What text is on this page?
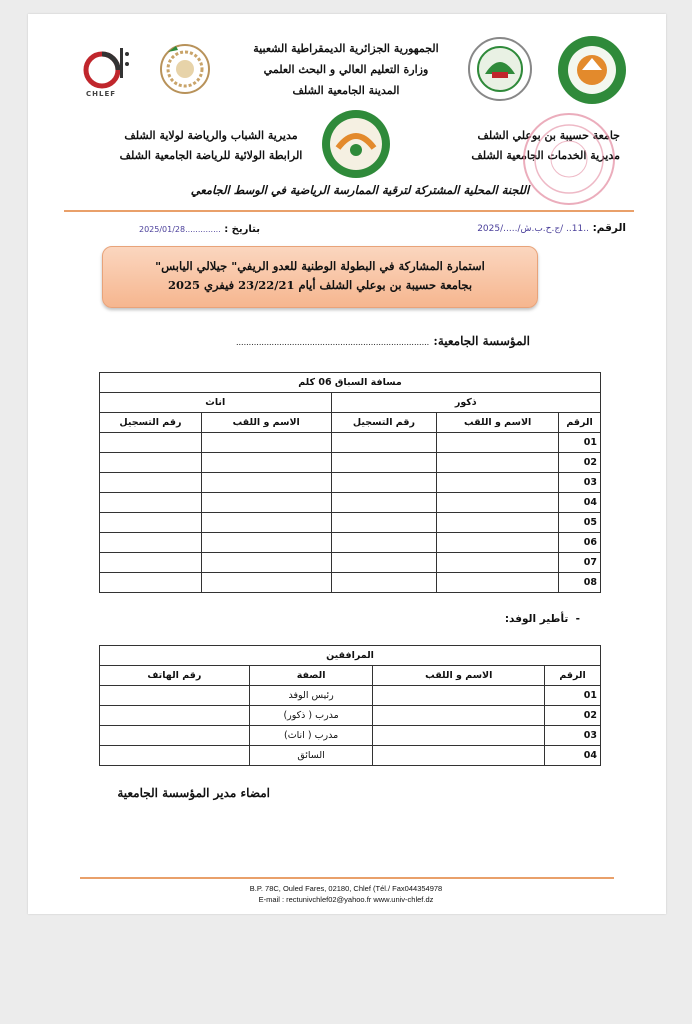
CHLEF
الجمهورية الجزائرية الديمقراطية الشعبية
وزارة التعليم العالي و البحث العلمي
المدينة الجامعية الشلف
مديرية الشباب والرياضة لولاية الشلف
الرابطة الولائية للرياضة الجامعية الشلف
جامعة حسيبة بن بوعلي الشلف
مديرية الخدمات الجامعية الشلف
اللجنة المحلية المشتركة لترقية الممارسة الرياضية في الوسط الجامعي
الرقم: ..11.. /ج.ح.ب.ش/...../2025
بتاريخ : ..............2025/01/28
استمارة المشاركة في البطولة الوطنية للعدو الريفي" جيلالي اليابس"
بجامعة حسيبة بن بوعلي الشلف أيام 23/22/21 فيفري 2025
المؤسسة الجامعية: ............................................................................
مسافة السباق 06 كلم				
ذكور			اناث	
الرقم	الاسم و اللقب	رقم التسجيل	الاسم و اللقب	رقم التسجيل
01				
02				
03				
04				
05				
06				
07				
08				
-  تأطير الوفد:
المرافقين			
الرقم	الاسم و اللقب	الصفة	رقم الهاتف
01		رئيس الوفد	
02		مدرب ( ذكور)	
03		مدرب ( اناث)	
04		السائق	
امضاء مدير المؤسسة الجامعية
B.P. 78C, Ouled Fares, 02180, Chlef (Tél./ Fax044354978
E-mail : rectunivchlef02@yahoo.fr www.univ-chlef.dz
